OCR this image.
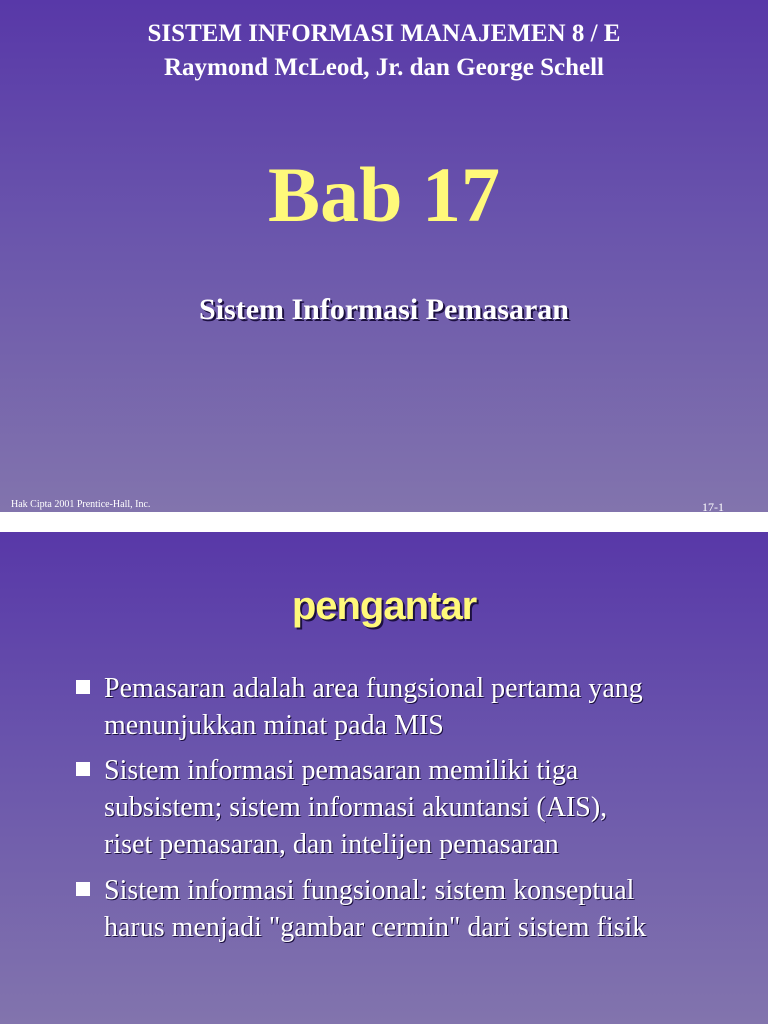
SISTEM INFORMASI MANAJEMEN 8 / E
Raymond McLeod, Jr. dan George Schell
Bab 17
Sistem Informasi Pemasaran
Hak Cipta 2001 Prentice-Hall, Inc.	17-1
pengantar
Pemasaran adalah area fungsional pertama yang
menunjukkan minat pada MIS
Sistem informasi pemasaran memiliki tiga
subsistem; sistem informasi akuntansi (AIS),
riset pemasaran, dan intelijen pemasaran
Sistem informasi fungsional: sistem konseptual
harus menjadi "gambar cermin" dari sistem fisik
